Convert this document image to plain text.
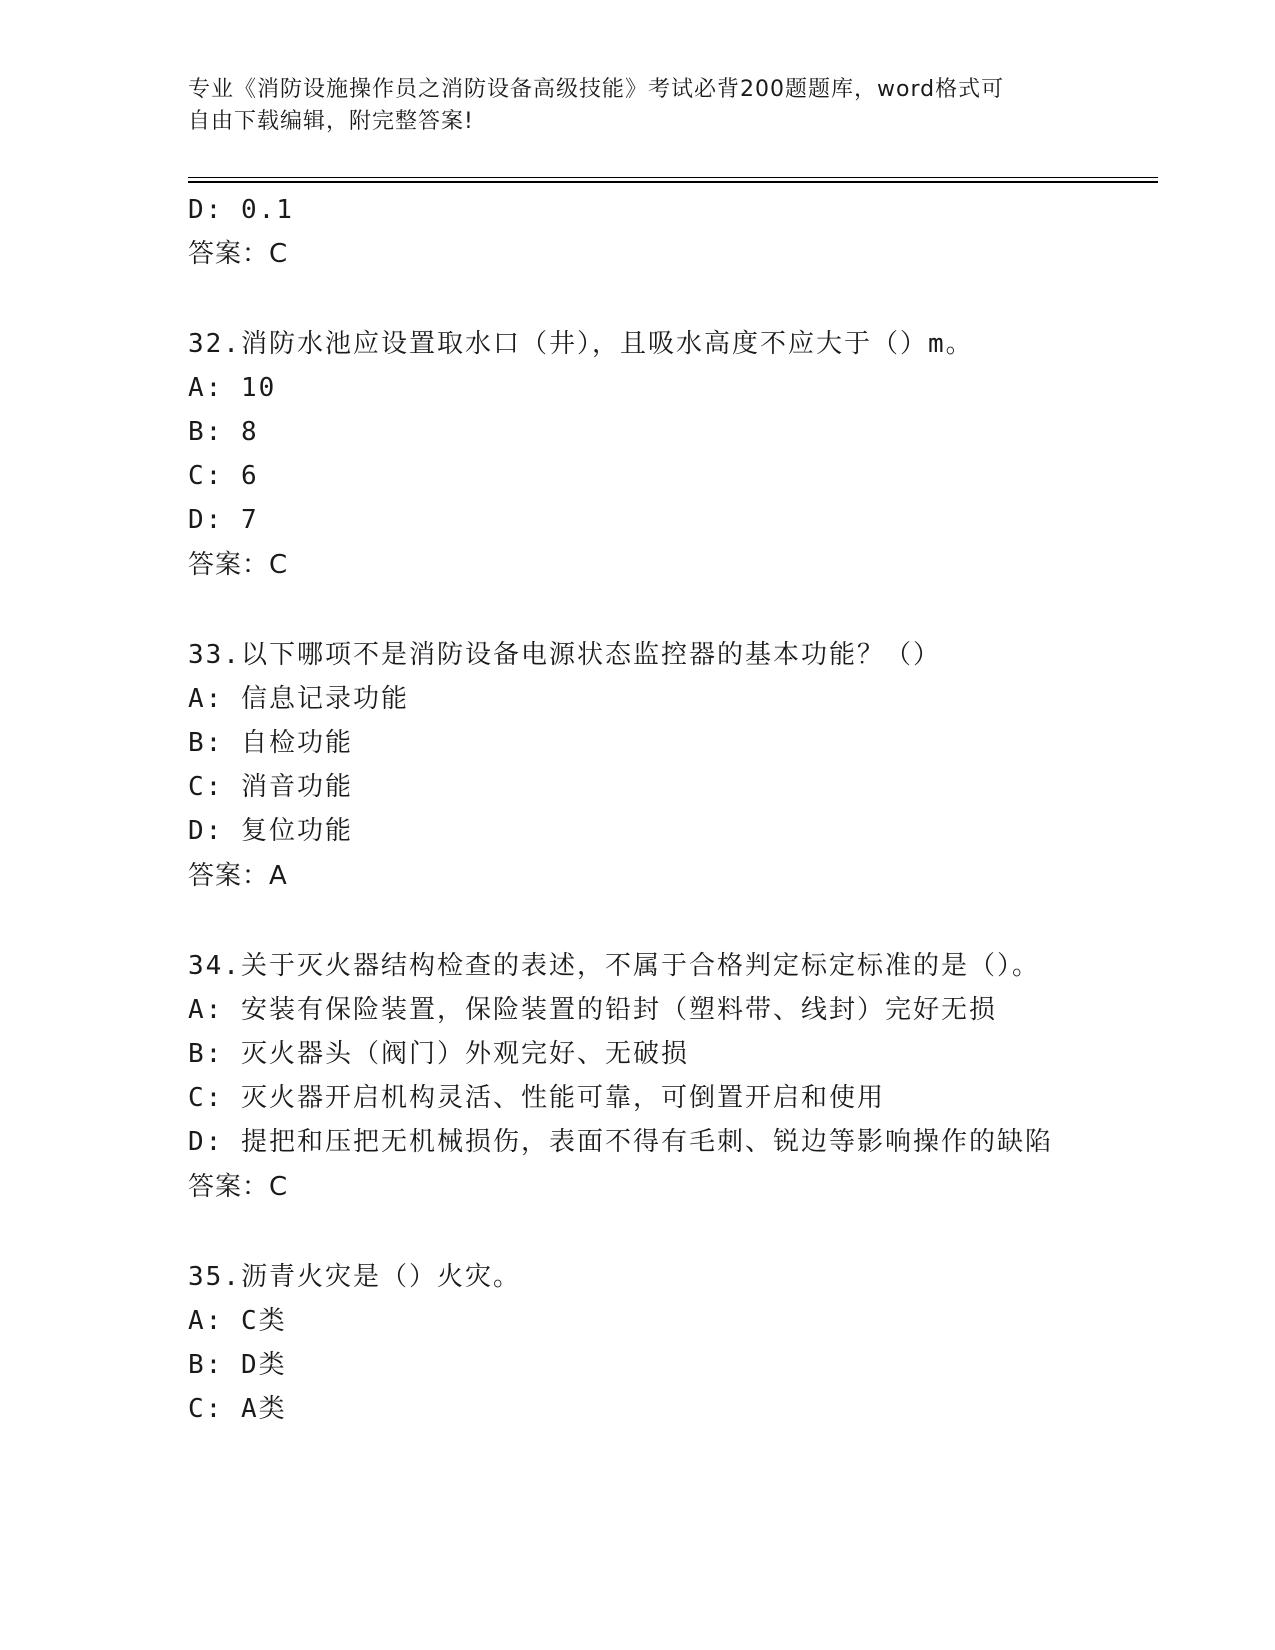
专业《消防设施操作员之消防设备高级技能》考试必背200题题库，word格式可
自由下载编辑，附完整答案!
D: 0.1
答案：C
32.消防水池应设置取水口（井），且吸水高度不应大于（）m。
A: 10
B: 8
C: 6
D: 7
答案：C
33.以下哪项不是消防设备电源状态监控器的基本功能？（）
A: 信息记录功能
B: 自检功能
C: 消音功能
D: 复位功能
答案：A
34.关于灭火器结构检查的表述，不属于合格判定标定标准的是（）。
A: 安装有保险装置，保险装置的铅封（塑料带、线封）完好无损
B: 灭火器头（阀门）外观完好、无破损
C: 灭火器开启机构灵活、性能可靠，可倒置开启和使用
D: 提把和压把无机械损伤，表面不得有毛刺、锐边等影响操作的缺陷
答案：C
35.沥青火灾是（）火灾。
A: C类
B: D类
C: A类
